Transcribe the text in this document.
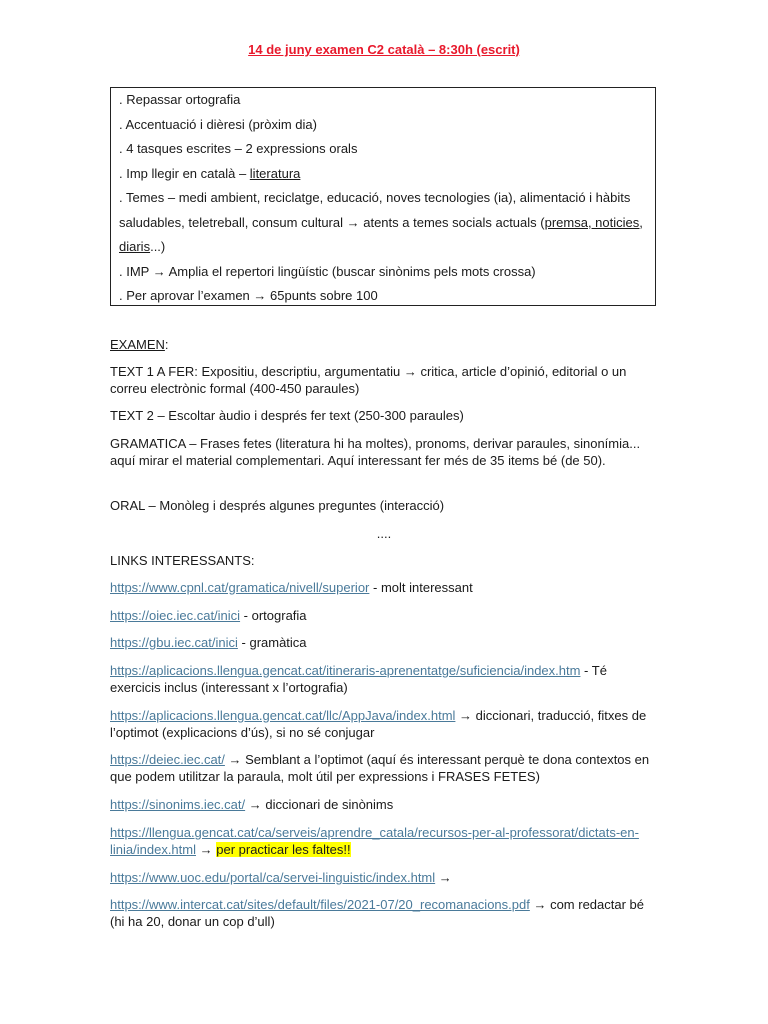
14 de juny examen C2 català – 8:30h (escrit)
. Repassar ortografia
. Accentuació i dièresi (pròxim dia)
. 4 tasques escrites – 2 expressions orals
. Imp llegir en català – literatura
. Temes – medi ambient, reciclatge, educació, noves tecnologies (ia), alimentació i hàbits saludables, teletreball, consum cultural → atents a temes socials actuals (premsa, noticies, diaris...)
. IMP → Amplia el repertori lingüístic (buscar sinònims pels mots crossa)
. Per aprovar l’examen → 65punts sobre 100
EXAMEN:
TEXT 1 A FER: Expositiu, descriptiu, argumentatiu → critica, article d’opinió, editorial o un correu electrònic formal (400-450 paraules)
TEXT 2 – Escoltar àudio i després fer text (250-300 paraules)
GRAMATICA – Frases fetes (literatura hi ha moltes), pronoms, derivar paraules, sinonímia... aquí mirar el material complementari. Aquí interessant fer més de 35 items bé (de 50).
ORAL – Monòleg i després algunes preguntes (interacció)
....
LINKS INTERESSANTS:
https://www.cpnl.cat/gramatica/nivell/superior - molt interessant
https://oiec.iec.cat/inici - ortografia
https://gbu.iec.cat/inici - gramàtica
https://aplicacions.llengua.gencat.cat/itineraris-aprenentatge/suficiencia/index.htm - Té exercicis inclus (interessant x l’ortografia)
https://aplicacions.llengua.gencat.cat/llc/AppJava/index.html → diccionari, traducció, fitxes de l’optimot (explicacions d’ús), si no sé conjugar
https://deiec.iec.cat/ → Semblant a l’optimot (aquí és interessant perquè te dona contextos en que podem utilitzar la paraula, molt útil per expressions i FRASES FETES)
https://sinonims.iec.cat/ → diccionari de sinònims
https://llengua.gencat.cat/ca/serveis/aprendre_catala/recursos-per-al-professorat/dictats-en-linia/index.html → per practicar les faltes!!
https://www.uoc.edu/portal/ca/servei-linguistic/index.html →
https://www.intercat.cat/sites/default/files/2021-07/20_recomanacions.pdf → com redactar bé (hi ha 20, donar un cop d’ull)
